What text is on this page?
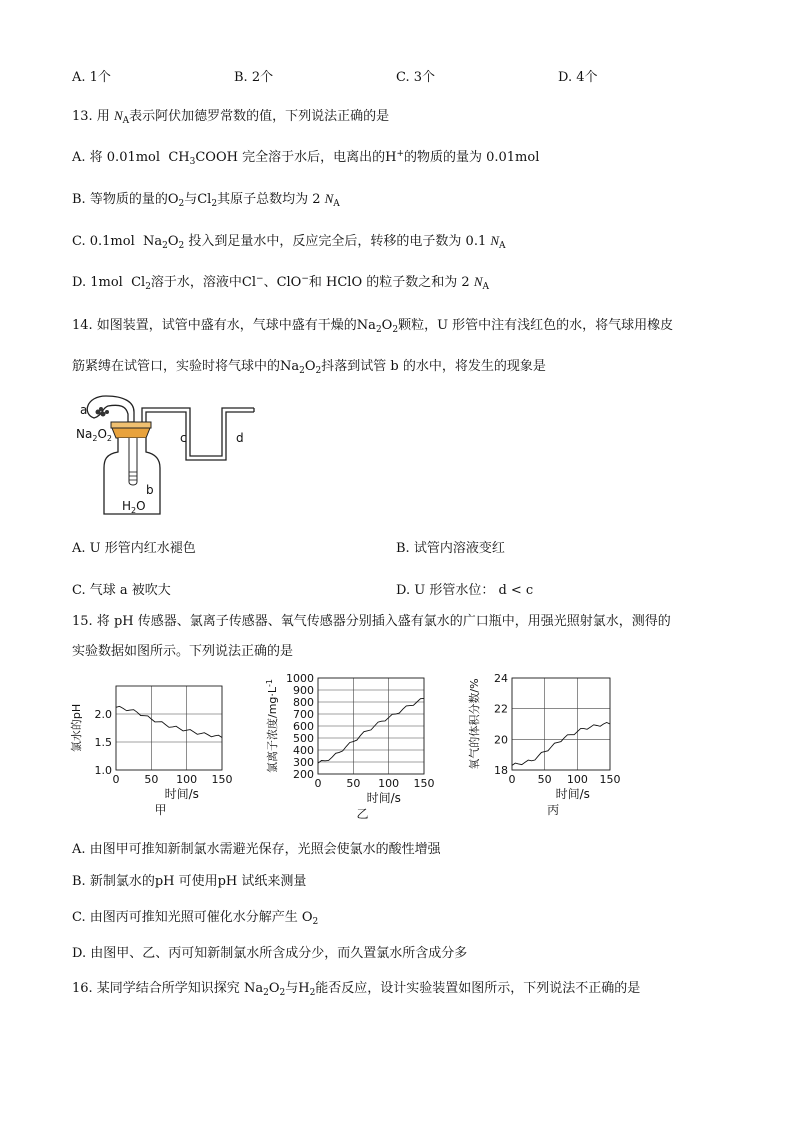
A. 1个	B. 2个	C. 3个	D. 4个
13. 用 $N_A$表示阿伏加德罗常数的值，下列说法正确的是
A. 将 0.01mol $CH_3COOH$ 完全溶于水后，电离出的H+的物质的量为 0.01mol
B. 等物质的量的$O_2$与$Cl_2$其原子总数均为 2 $N_A$
C. 0.1mol $Na_2O_2$ 投入到足量水中，反应完全后，转移的电子数为 0.1 $N_A$
D. 1mol $Cl_2$溶于水，溶液中Cl−、ClO−和 HClO 的粒子数之和为 2 $N_A$
14. 如图装置，试管中盛有水，气球中盛有干燥的$Na_2O_2$颗粒，U 形管中注有浅红色的水，将气球用橡皮
筋紧缚在试管口，实验时将气球中的$Na_2O_2$抖落到试管 b 的水中，将发生的现象是
a
$Na_2O_2$
b
c	d
$H_2O$
A. U 形管内红水褪色	B. 试管内溶液变红
C. 气球 a 被吹大	D. U 形管水位： d < c
15. 将 pH 传感器、氯离子传感器、氧气传感器分别插入盛有氯水的广口瓶中，用强光照射氯水，测得的
实验数据如图所示。下列说法正确的是
0 50 100 150
1.0
1.5
2.0
时间/s
甲
氯水的pH
0 50 100 150
200
300
400
500
600
700
800
900
1000
时间/s
乙
氯离子浓度$/mg\cdot L^{-1}$
0 50 100 150
18
20
22
24
时间/s
丙
氧气的体积分数/%
A. 由图甲可推知新制氯水需避光保存，光照会使氯水的酸性增强
B. 新制氯水的pH 可使用pH 试纸来测量
C. 由图丙可推知光照可催化水分解产生 $O_2$
D. 由图甲、乙、丙可知新制氯水所含成分少，而久置氯水所含成分多
16. 某同学结合所学知识探究 $Na_2O_2$与$H_2$能否反应，设计实验装置如图所示，下列说法不正确的是
